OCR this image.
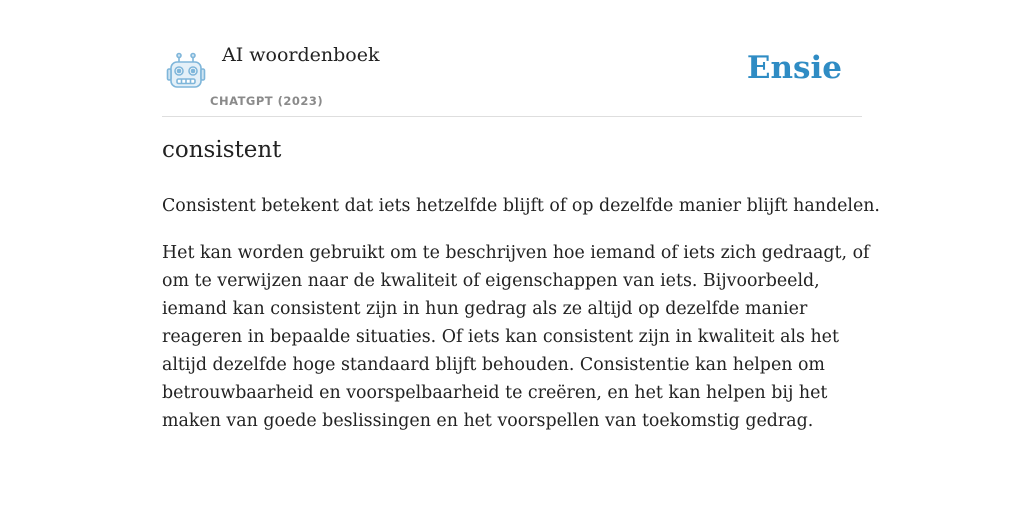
AI woordenboek
CHATGPT (2023)
Ensie
consistent

Consistent betekent dat iets hetzelfde blijft of op dezelfde manier blijft handelen.

Het kan worden gebruikt om te beschrijven hoe iemand of iets zich gedraagt, of om te verwijzen naar de kwaliteit of eigenschappen van iets. Bijvoorbeeld, iemand kan consistent zijn in hun gedrag als ze altijd op dezelfde manier reageren in bepaalde situaties. Of iets kan consistent zijn in kwaliteit als het altijd dezelfde hoge standaard blijft behouden. Consistentie kan helpen om betrouwbaarheid en voorspelbaarheid te creëren, en het kan helpen bij het maken van goede beslissingen en het voorspellen van toekomstig gedrag.
